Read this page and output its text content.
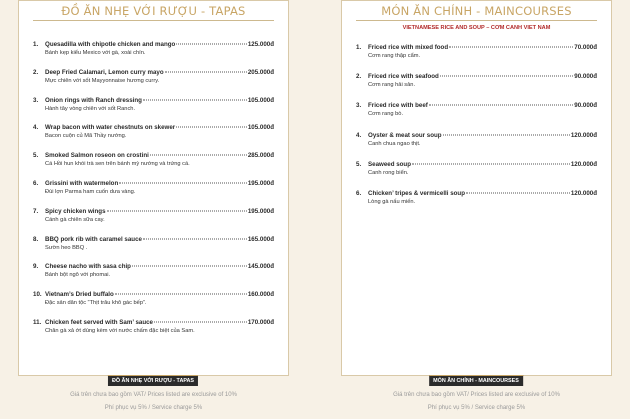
ĐỒ ĂN NHẸ VỚI RƯỢU - TAPAS
1.	Quesadilla with chipotle chicken and mango	125.000đ
Bánh kẹp kiểu Mexico với gà, xoài chín.
2.	Deep Fried Calamari, Lemon curry mayo	205.000đ
Mực chiên với sốt Mayyonnaise hương curry.
3.	Onion rings with Ranch dressing	105.000đ
Hành tây vòng chiên với sốt Ranch.
4.	Wrap bacon with water chestnuts on skewer	105.000đ
Bacon cuộn củ Mã Thầy nướng.
5.	Smoked Salmon roseon on crostini	285.000đ
Cá Hồi hun khói trà sen trên bánh mỳ nướng và trứng cá.
6.	Grissini with watermelon	195.000đ
Đùi lợn Parma ham cuốn dưa vàng.
7.	Spicy chicken wings	195.000đ
Cánh gà chiên sữa cay.
8.	BBQ pork rib with caramel sauce	165.000đ
Sườn heo BBQ .
9.	Cheese nacho with sasa chip	145.000đ
Bánh bột ngô với phomai.
10. Vietnam’s Dried buffalo	160.000đ
Đặc sản dân tộc “Thịt trâu khô gác bếp”.
11. Chicken feet served with Sam’ sauce	170.000đ
Chân gà xả ớt dùng kèm với nước chấm đặc biệt của Sam.
MÓN ĂN CHÍNH - MAINCOURSES
VIETNAMESE RICE AND SOUP – CƠM CANH VIET NAM
1.	Friced rice with mixed food	70.000đ
Cơm rang thập cẩm.
2.	Friced rice with seafood	90.000đ
Cơm rang hải sản.
3.	Friced rice with beef	90.000đ
Cơm rang bò.
4.	Oyster & meat sour soup	120.000đ
Canh chua ngao thịt.
5.	Seaweed soup	120.000đ
Canh rong biển.
6.	Chicken’ tripes & vermicelli soup	120.000đ
Lòng gà nấu miến.
ĐỒ ĂN NHẸ VỚI RƯỢU - TAPAS	MÓN ĂN CHÍNH - MAINCOURSES
Giá trên chưa bao gồm VAT/ Prices listed are exclusive of 10%
Phí phục vụ 5% / Service charge 5%
Giá trên chưa bao gồm VAT/ Prices listed are exclusive of 10%
Phí phục vụ 5% / Service charge 5%
